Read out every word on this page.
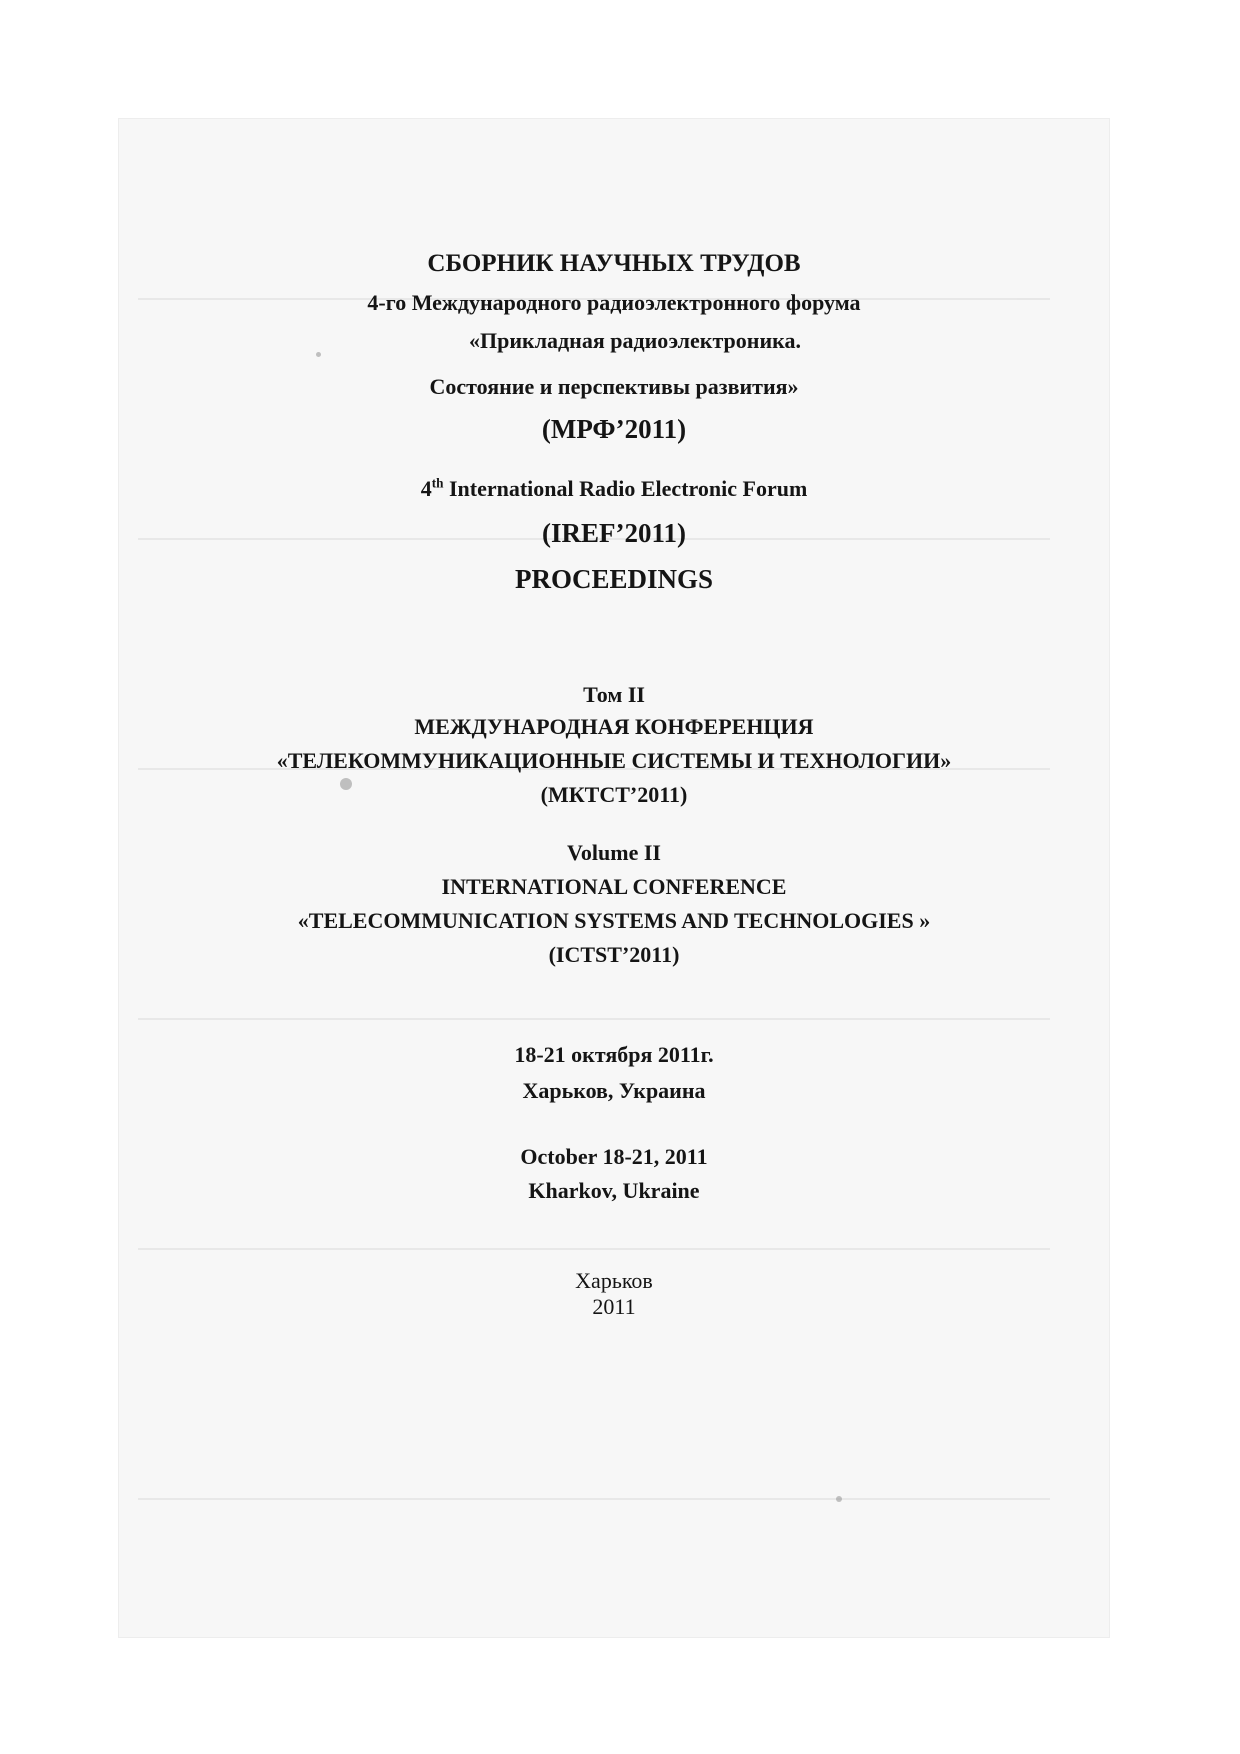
СБОРНИК НАУЧНЫХ ТРУДОВ

4-го Международного радиоэлектронного форума

«Прикладная радиоэлектроника.

Состояние и перспективы развития»

(МРФ’2011)

4th International Radio Electronic Forum

(IREF’2011)

PROCEEDINGS

Том II

МЕЖДУНАРОДНАЯ КОНФЕРЕНЦИЯ

«ТЕЛЕКОММУНИКАЦИОННЫЕ СИСТЕМЫ И ТЕХНОЛОГИИ»

(МКТСТ’2011)

Volume II

INTERNATIONAL CONFERENCE

«TELECOMMUNICATION SYSTEMS AND TECHNOLOGIES »

(ICTST’2011)

18-21 октября 2011г.

Харьков, Украина

October 18-21, 2011

Kharkov, Ukraine

Харьков

2011
